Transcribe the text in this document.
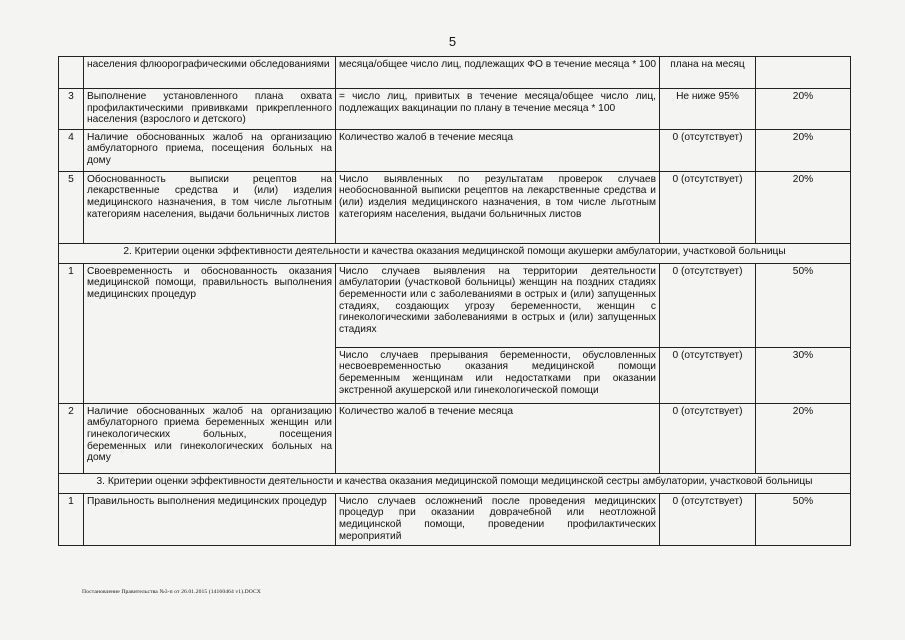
5
	населения флюорографическими обследованиями	месяца/общее число лиц, подлежащих ФО в течение месяца * 100	плана на месяц	
3	Выполнение установленного плана охвата профилактическими прививками прикрепленного населения (взрослого и детского)	= число лиц, привитых в течение месяца/общее число лиц, подлежащих вакцинации по плану в течение месяца * 100	Не ниже 95%	20%
4	Наличие обоснованных жалоб на организацию амбулаторного приема, посещения больных на дому	Количество жалоб в течение месяца	0 (отсутствует)	20%
5	Обоснованность выписки рецептов на лекарственные средства и (или) изделия медицинского назначения, в том числе льготным категориям населения, выдачи больничных листов	Число выявленных по результатам проверок случаев необоснованной выписки рецептов на лекарственные средства и (или) изделия медицинского назначения, в том числе льготным категориям населения, выдачи больничных листов	0 (отсутствует)	20%
2. Критерии оценки эффективности деятельности и качества оказания медицинской помощи акушерки амбулатории, участковой больницы				
1	Своевременность и обоснованность оказания медицинской помощи, правильность выполнения медицинских процедур	Число случаев выявления на территории деятельности амбулатории (участковой больницы) женщин на поздних стадиях беременности или с заболеваниями в острых и (или) запущенных стадиях, создающих угрозу беременности, женщин с гинекологическими заболеваниями в острых и (или) запущенных стадиях	0 (отсутствует)	50%
		Число случаев прерывания беременности, обусловленных несвоевременностью оказания медицинской помощи беременным женщинам или недостатками при оказании экстренной акушерской или гинекологической помощи	0 (отсутствует)	30%
2	Наличие обоснованных жалоб на организацию амбулаторного приема беременных женщин или гинекологических больных, посещения беременных или гинекологических больных на дому	Количество жалоб в течение месяца	0 (отсутствует)	20%
3. Критерии оценки эффективности деятельности и качества оказания медицинской помощи медицинской сестры амбулатории, участковой больницы				
1	Правильность выполнения медицинских процедур	Число случаев осложнений после проведения медицинских процедур при оказании доврачебной или неотложной медицинской помощи, проведении профилактических мероприятий	0 (отсутствует)	50%
Постановление Правительства №3-п от 26.01.2015 (14160464 v1).DOCX
